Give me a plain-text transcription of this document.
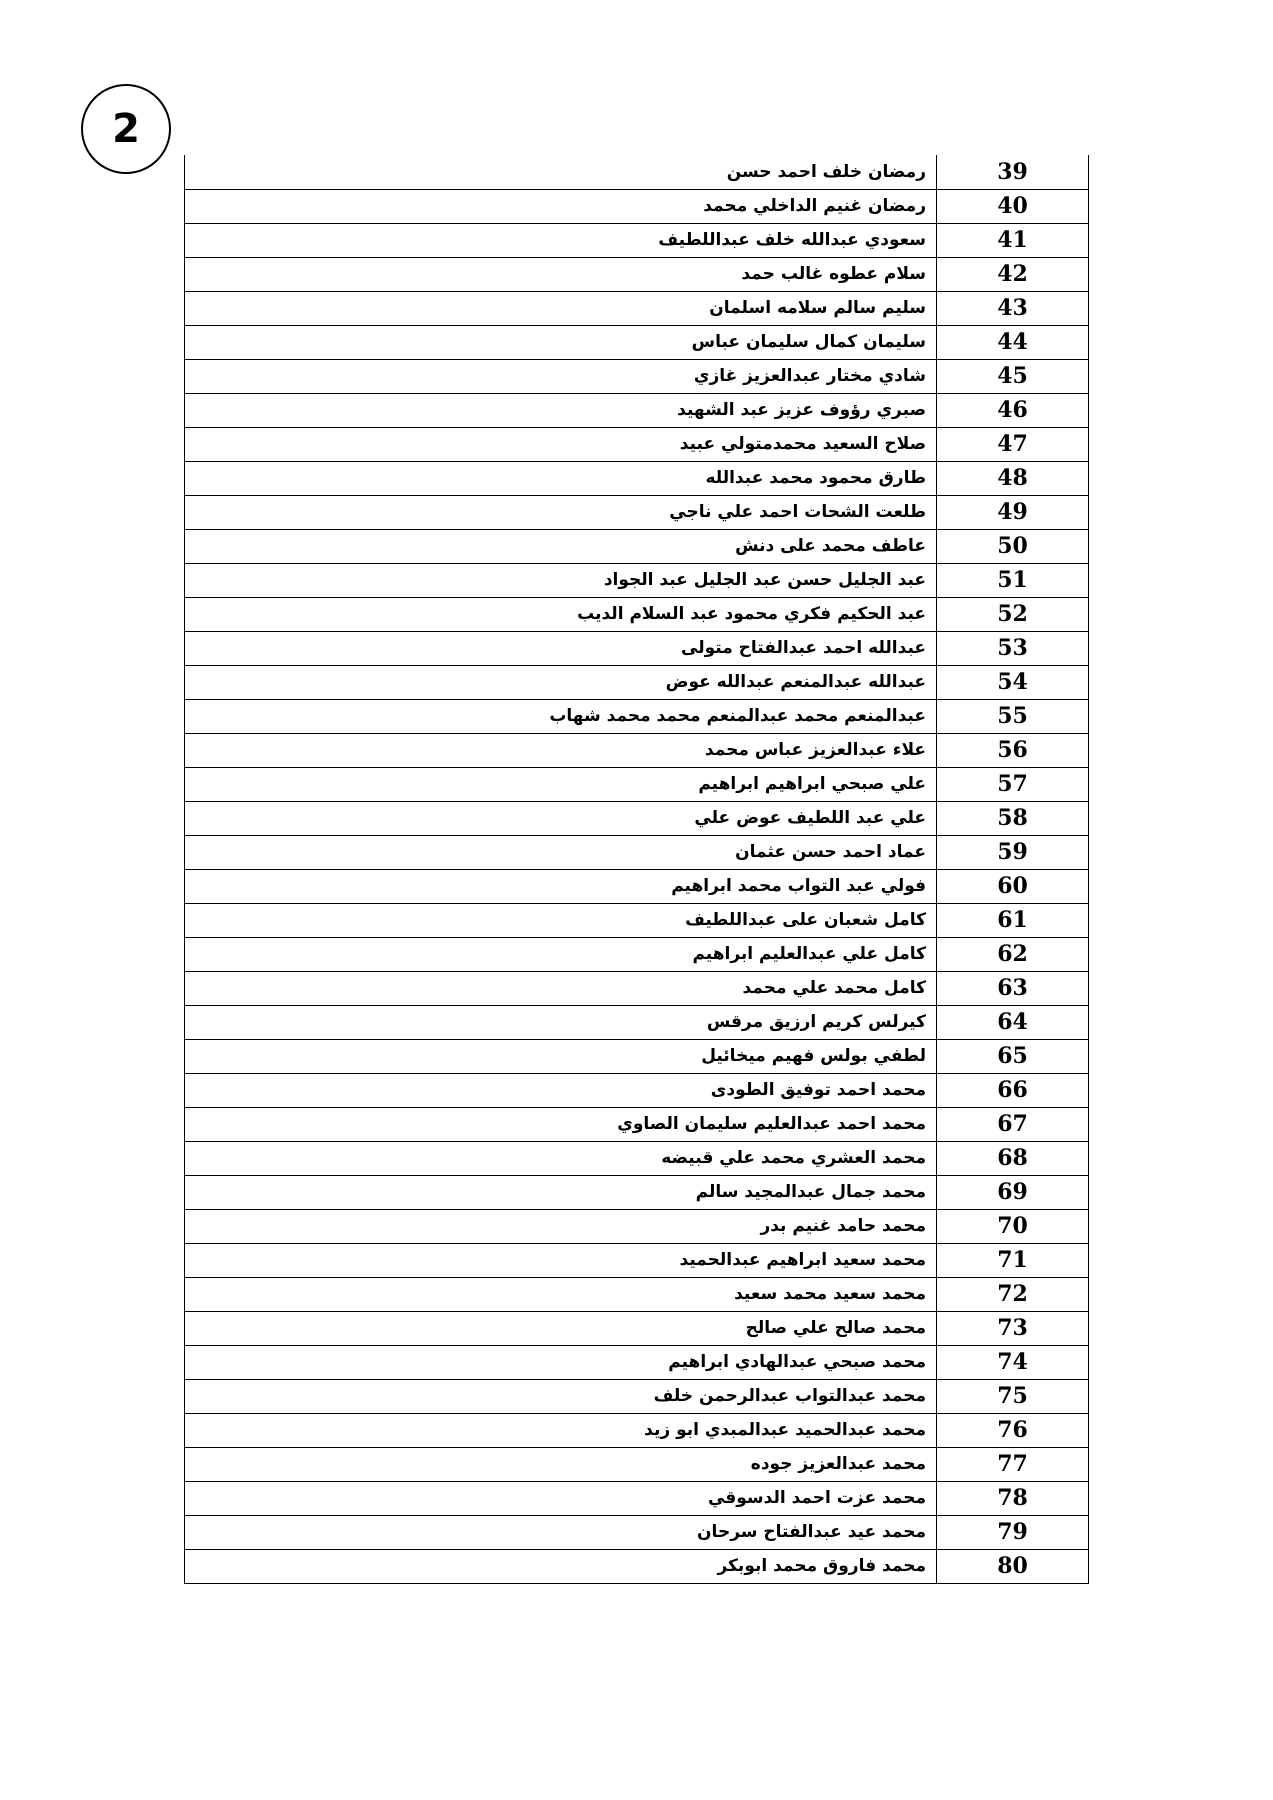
2
39	رمضان خلف احمد حسن
40	رمضان غنيم الداخلي محمد
41	سعودي عبدالله خلف عبداللطيف
42	سلام عطوه غالب حمد
43	سليم سالم سلامه اسلمان
44	سليمان كمال سليمان عباس
45	شادي مختار عبدالعزيز غازي
46	صبري رؤوف عزيز عبد الشهيد
47	صلاح السعيد محمدمتولي عبيد
48	طارق محمود محمد عبدالله
49	طلعت الشحات احمد علي ناجي
50	عاطف محمد على دنش
51	عبد الجليل حسن عبد الجليل عبد الجواد
52	عبد الحكيم فكري محمود عبد السلام الديب
53	عبدالله احمد عبدالفتاح متولى
54	عبدالله عبدالمنعم عبدالله عوض
55	عبدالمنعم محمد عبدالمنعم محمد محمد شهاب
56	علاء عبدالعزيز عباس محمد
57	علي صبحي ابراهيم ابراهيم
58	علي عبد اللطيف عوض علي
59	عماد احمد حسن عثمان
60	فولي عبد التواب محمد ابراهيم
61	كامل شعبان على عبداللطيف
62	كامل علي عبدالعليم ابراهيم
63	كامل محمد علي محمد
64	كيرلس كريم ارزيق مرقس
65	لطفي بولس فهيم ميخائيل
66	محمد احمد توفيق الطودى
67	محمد احمد عبدالعليم سليمان الصاوي
68	محمد العشري محمد علي قبيضه
69	محمد جمال عبدالمجيد سالم
70	محمد حامد غنيم بدر
71	محمد سعيد ابراهيم عبدالحميد
72	محمد سعيد محمد سعيد
73	محمد صالح علي صالح
74	محمد صبحي عبدالهادي ابراهيم
75	محمد عبدالتواب عبدالرحمن خلف
76	محمد عبدالحميد عبدالمبدي ابو زيد
77	محمد عبدالعزيز جوده
78	محمد عزت احمد الدسوقي
79	محمد عيد عبدالفتاح سرحان
80	محمد فاروق محمد ابوبكر
